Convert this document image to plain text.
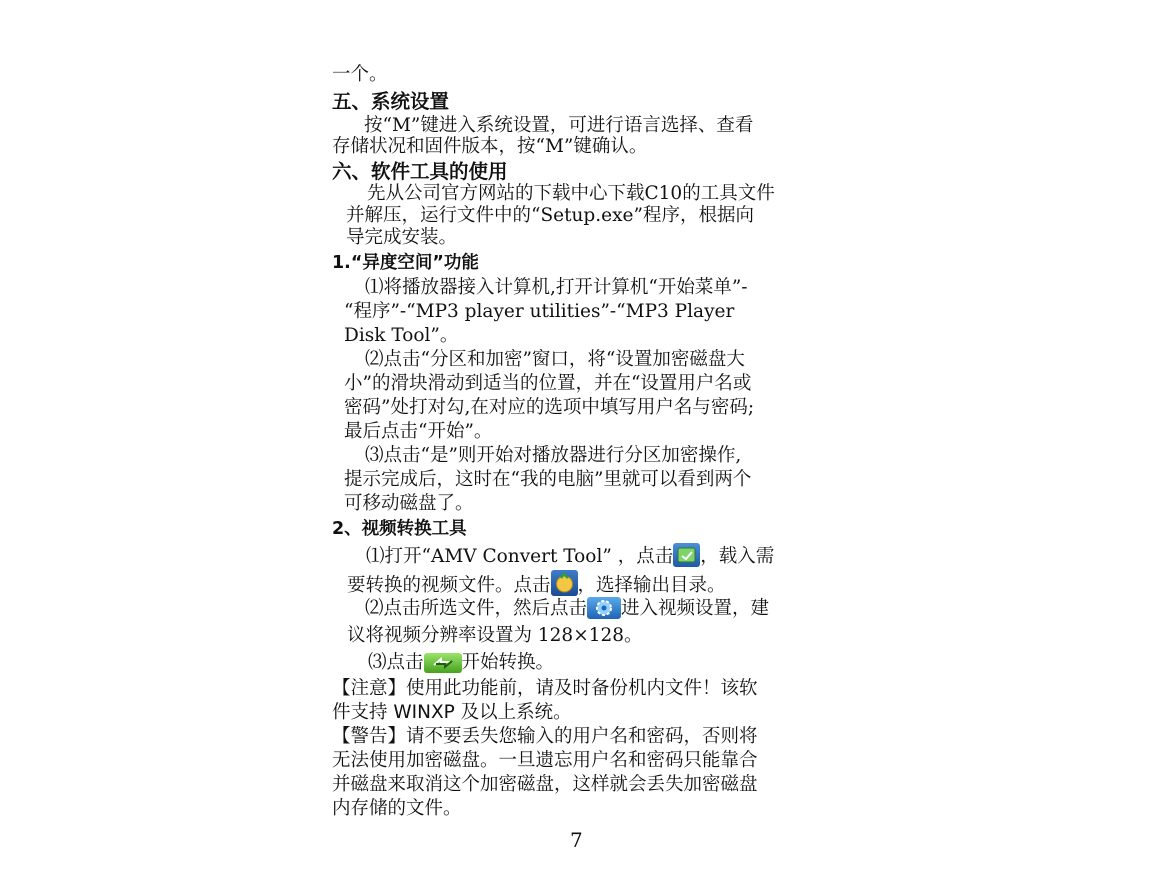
一个。
五、系统设置
按“M”键进入系统设置，可进行语言选择、查看
存储状况和固件版本，按“M”键确认。
六、软件工具的使用
先从公司官方网站的下载中心下载C10的工具文件
并解压，运行文件中的“Setup.exe”程序，根据向
导完成安装。
1.“异度空间”功能
⑴将播放器接入计算机,打开计算机“开始菜单”-
“程序”-“MP3 player utilities”-“MP3 Player
Disk Tool”。
⑵点击“分区和加密”窗口，将“设置加密磁盘大
小”的滑块滑动到适当的位置，并在“设置用户名或
密码”处打对勾,在对应的选项中填写用户名与密码;
最后点击“开始”。
⑶点击“是”则开始对播放器进行分区加密操作,
提示完成后，这时在“我的电脑”里就可以看到两个
可移动磁盘了。
2、视频转换工具
⑴打开“AMV Convert Tool” ，点击 ，载入需
要转换的视频文件。点击 ，选择输出目录。
⑵点击所选文件，然后点击 进入视频设置，建
议将视频分辨率设置为 128×128。
⑶点击 开始转换。
【注意】使用此功能前，请及时备份机内文件！该软
件支持 WINXP 及以上系统。
【警告】请不要丢失您输入的用户名和密码，否则将
无法使用加密磁盘。一旦遗忘用户名和密码只能靠合
并磁盘来取消这个加密磁盘，这样就会丢失加密磁盘
内存储的文件。
7
